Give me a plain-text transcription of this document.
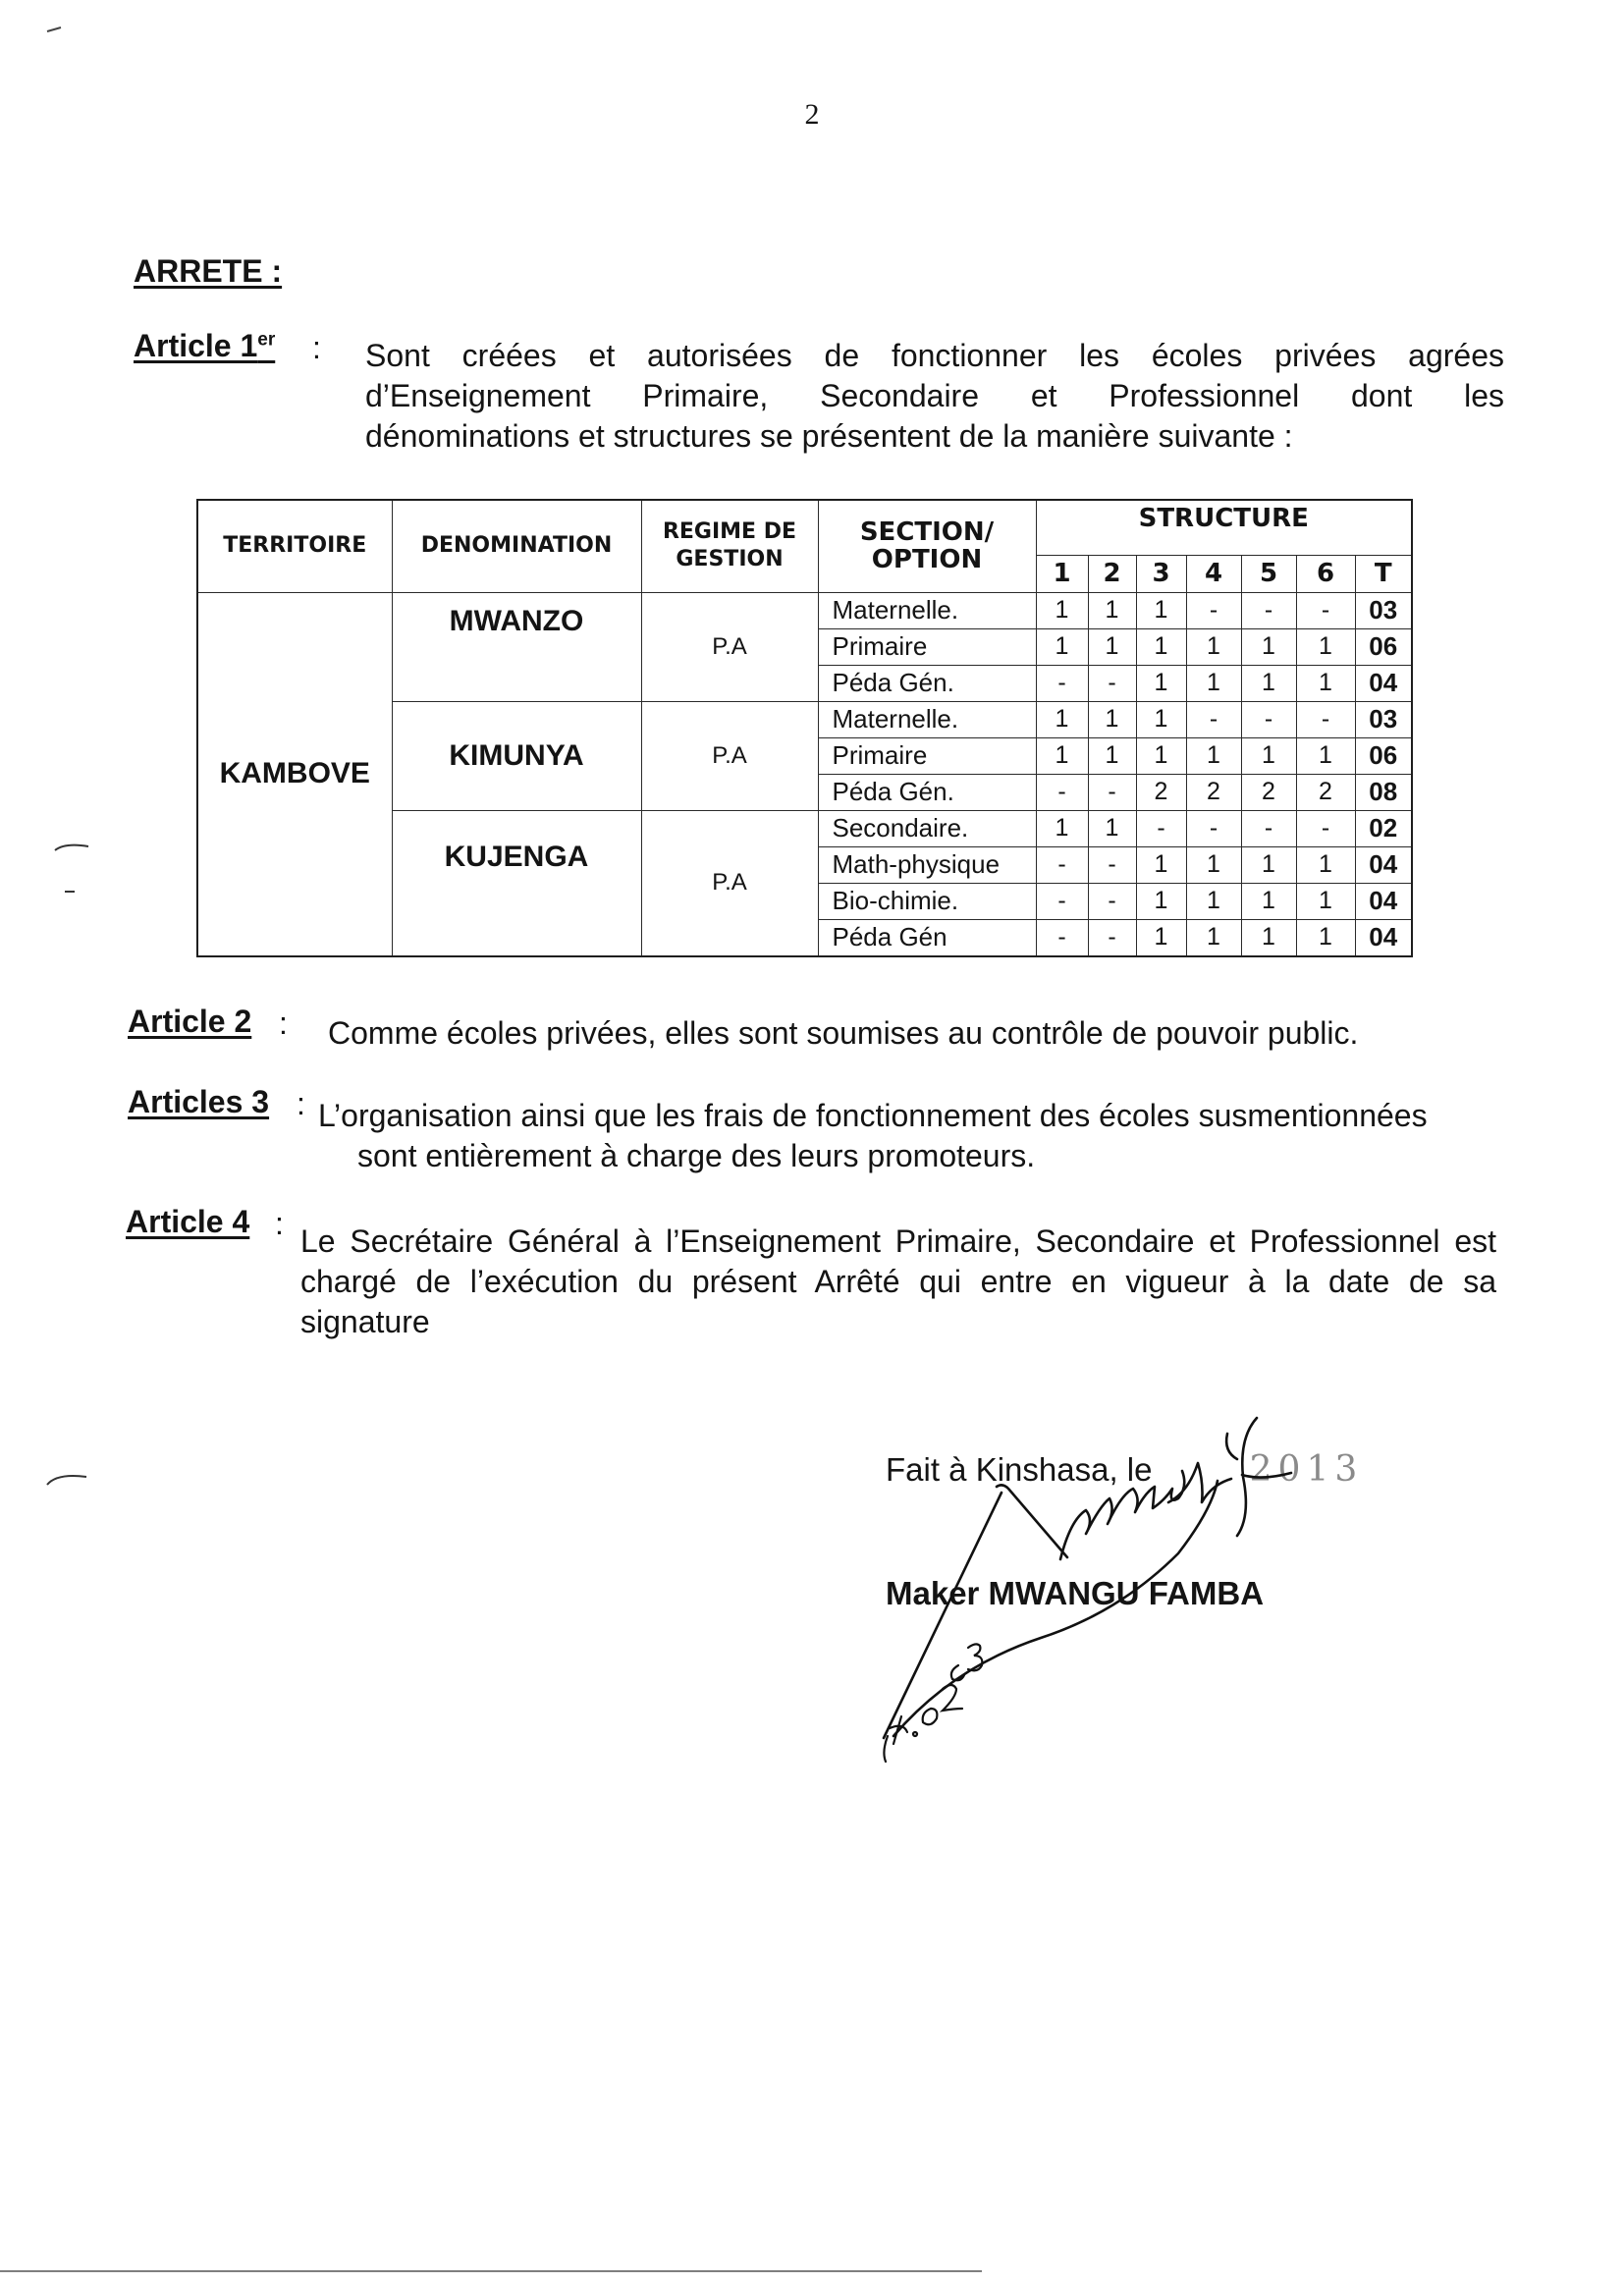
2
ARRETE :
Article 1er : Sont créées et autorisées de fonctionner les écoles privées agrées
d’Enseignement Primaire, Secondaire et Professionnel dont les
dénominations et structures se présentent de la manière suivante :
TERRITOIRE	DENOMINATION	REGIME DE GESTION	SECTION/ OPTION	STRUCTURE						
				1	2	3	4	5	6	T
KAMBOVE	MWANZO	P.A	Maternelle.	1	1	1	-	-	-	03
			Primaire	1	1	1	1	1	1	06
			Péda Gén.	-	-	1	1	1	1	04
	KIMUNYA	P.A	Maternelle.	1	1	1	-	-	-	03
			Primaire	1	1	1	1	1	1	06
			Péda Gén.	-	-	2	2	2	2	08
	KUJENGA	P.A	Secondaire.	1	1	-	-	-	-	02
			Math-physique	-	-	1	1	1	1	04
			Bio-chimie.	-	-	1	1	1	1	04
			Péda Gén	-	-	1	1	1	1	04
Article 2 : Comme écoles privées, elles sont soumises au contrôle de pouvoir public.
Articles 3 : L’organisation ainsi que les frais de fonctionnement des écoles susmentionnées
sont entièrement à charge des leurs promoteurs.
Article 4 : Le Secrétaire Général à l’Enseignement Primaire, Secondaire et Professionnel est
chargé de l’exécution du présent Arrêté qui entre en vigueur à la date de sa
signature
Fait à Kinshasa, le	2013
Maker MWANGU FAMBA
